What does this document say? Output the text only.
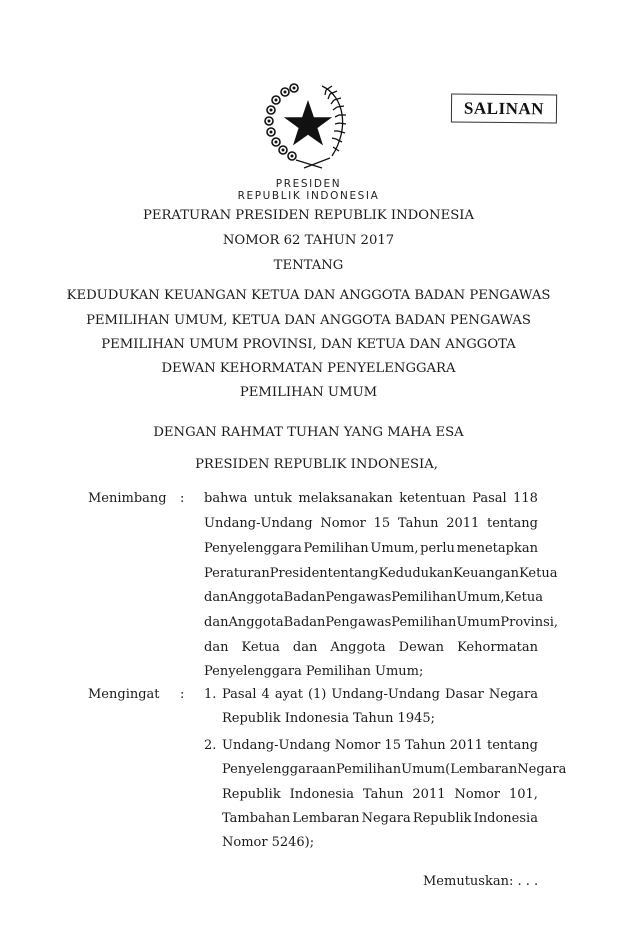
SALINAN
PRESIDEN
REPUBLIK INDONESIA
PERATURAN PRESIDEN REPUBLIK INDONESIA
NOMOR 62 TAHUN 2017
TENTANG
KEDUDUKAN KEUANGAN KETUA DAN ANGGOTA BADAN PENGAWAS
PEMILIHAN UMUM, KETUA DAN ANGGOTA BADAN PENGAWAS
PEMILIHAN UMUM PROVINSI, DAN KETUA DAN ANGGOTA
DEWAN KEHORMATAN PENYELENGGARA
PEMILIHAN UMUM
DENGAN RAHMAT TUHAN YANG MAHA ESA
PRESIDEN REPUBLIK INDONESIA,
Menimbang : bahwa untuk melaksanakan ketentuan Pasal 118
Undang-Undang Nomor 15 Tahun 2011 tentang
Penyelenggara Pemilihan Umum, perlu menetapkan
Peraturan Presiden tentang Kedudukan Keuangan Ketua
dan Anggota Badan Pengawas Pemilihan Umum, Ketua
dan Anggota Badan Pengawas Pemilihan Umum Provinsi,
dan Ketua dan Anggota Dewan Kehormatan
Penyelenggara Pemilihan Umum;
Mengingat : 1. Pasal 4 ayat (1) Undang-Undang Dasar Negara
Republik Indonesia Tahun 1945;
2. Undang-Undang Nomor 15 Tahun 2011 tentang
Penyelenggaraan Pemilihan Umum (Lembaran Negara
Republik Indonesia Tahun 2011 Nomor 101,
Tambahan Lembaran Negara Republik Indonesia
Nomor 5246);
Memutuskan: . . .
